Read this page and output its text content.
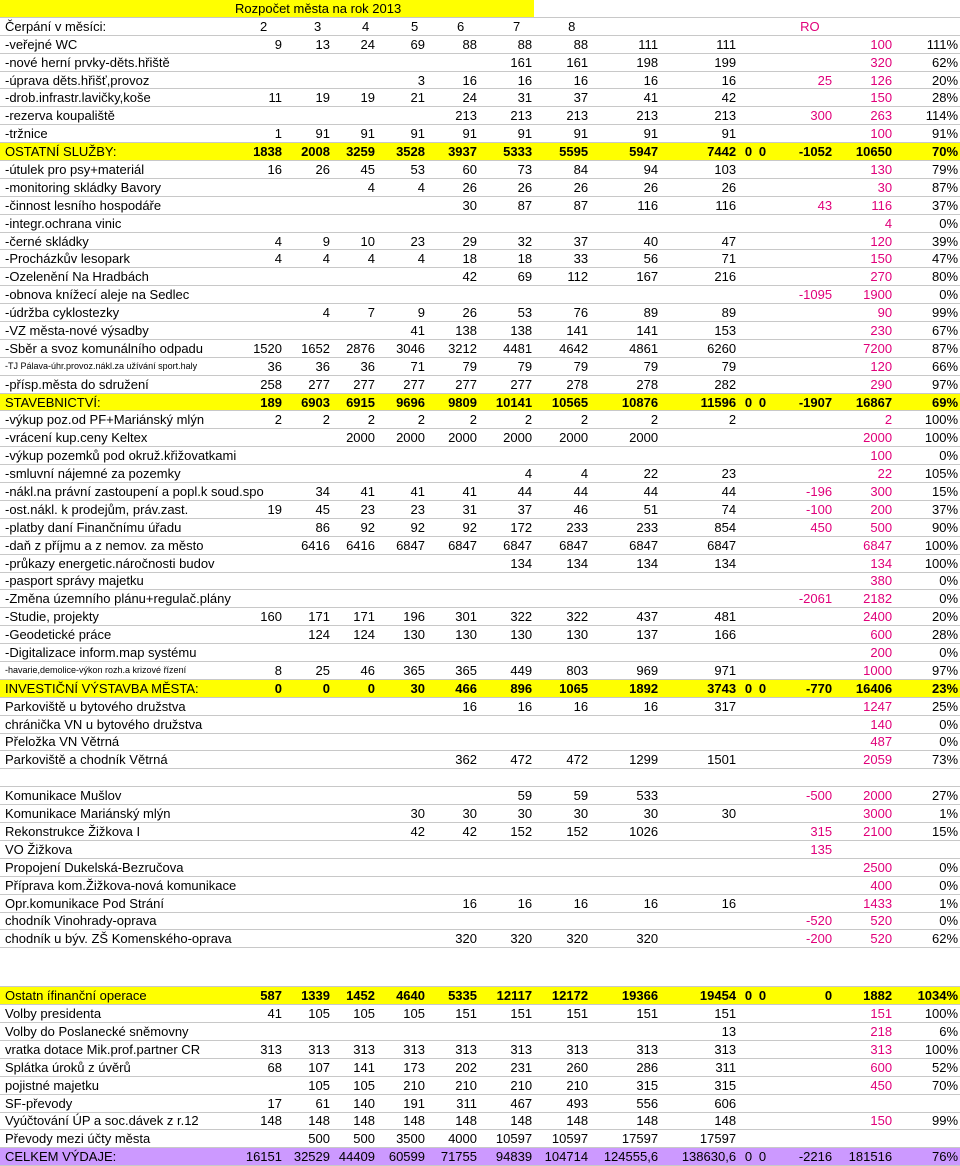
Rozpočet města na rok 2013														
Čerpání v měsíci:	2	3	4	5	6	7	8					RO		
-veřejné WC	9	13	24	69	88	88	88	111	111				100	111%
-nové herní prvky-děts.hřiště						161	161	198	199				320	62%
-úprava děts.hřišť,provoz				3	16	16	16	16	16			25	126	20%
-drob.infrastr.lavičky,koše	11	19	19	21	24	31	37	41	42				150	28%
-rezerva koupaliště					213	213	213	213	213			300	263	114%
-tržnice	1	91	91	91	91	91	91	91	91				100	91%
OSTATNÍ SLUŽBY:	1838	2008	3259	3528	3937	5333	5595	5947	7442	0	0	-1052	10650	70%
-útulek pro psy+materiál	16	26	45	53	60	73	84	94	103				130	79%
-monitoring skládky Bavory			4	4	26	26	26	26	26				30	87%
-činnost lesního hospodáře					30	87	87	116	116			43	116	37%
-integr.ochrana vinic													4	0%
-černé skládky	4	9	10	23	29	32	37	40	47				120	39%
-Procházkův lesopark	4	4	4	4	18	18	33	56	71				150	47%
-Ozelenění Na Hradbách					42	69	112	167	216				270	80%
-obnova knížecí aleje na Sedlec												-1095	1900	0%
-údržba cyklostezky		4	7	9	26	53	76	89	89				90	99%
-VZ města-nové výsadby				41	138	138	141	141	153				230	67%
-Sběr a svoz komunálního odpadu	1520	1652	2876	3046	3212	4481	4642	4861	6260				7200	87%
-TJ Pálava-úhr.provoz.nákl.za užívání sport.haly	36	36	36	71	79	79	79	79	79				120	66%
-přísp.města do sdružení	258	277	277	277	277	277	278	278	282				290	97%
STAVEBNICTVÍ:	189	6903	6915	9696	9809	10141	10565	10876	11596	0	0	-1907	16867	69%
-výkup poz.od PF+Mariánský mlýn	2	2	2	2	2	2	2	2	2				2	100%
-vrácení kup.ceny Keltex			2000	2000	2000	2000	2000	2000					2000	100%
-výkup pozemků pod okruž.křižovatkami													100	0%
-smluvní nájemné za pozemky						4	4	22	23				22	105%
-nákl.na právní zastoupení a popl.k soud.spo		34	41	41	41	44	44	44	44			-196	300	15%
-ost.nákl. k prodejům, práv.zast.	19	45	23	23	31	37	46	51	74			-100	200	37%
-platby daní Finančnímu úřadu		86	92	92	92	172	233	233	854			450	500	90%
-daň z příjmu a z nemov. za město		6416	6416	6847	6847	6847	6847	6847	6847				6847	100%
-průkazy energetic.náročnosti budov						134	134	134	134				134	100%
-pasport správy majetku													380	0%
-Změna územního plánu+regulač.plány												-2061	2182	0%
-Studie, projekty	160	171	171	196	301	322	322	437	481				2400	20%
-Geodetické práce		124	124	130	130	130	130	137	166				600	28%
-Digitalizace inform.map systému													200	0%
-havarie,demolice-výkon rozh.a krizové řízení	8	25	46	365	365	449	803	969	971				1000	97%
INVESTIČNÍ VÝSTAVBA MĚSTA:	0	0	0	30	466	896	1065	1892	3743	0	0	-770	16406	23%
Parkoviště u bytového družstva					16	16	16	16	317				1247	25%
chránička VN u bytového družstva													140	0%
Přeložka VN Větrná													487	0%
Parkoviště a chodník Větrná					362	472	472	1299	1501				2059	73%

Komunikace Mušlov						59	59	533				-500	2000	27%
Komunikace Mariánský mlýn				30	30	30	30	30	30				3000	1%
Rekonstrukce Žižkova I				42	42	152	152	1026				315	2100	15%
VO Žižkova												135		
Propojení Dukelská-Bezručova													2500	0%
Příprava kom.Žižkova-nová komunikace													400	0%
Opr.komunikace Pod Strání					16	16	16	16	16				1433	1%
chodník Vinohrady-oprava												-520	520	0%
chodník u býv. ZŠ Komenského-oprava					320	320	320	320				-200	520	62%

Ostatn ífinanční operace	587	1339	1452	4640	5335	12117	12172	19366	19454	0	0	0	1882	1034%
Volby presidenta	41	105	105	105	151	151	151	151	151				151	100%
Volby do Poslanecké sněmovny									13				218	6%
vratka dotace Mik.prof.partner CR	313	313	313	313	313	313	313	313	313				313	100%
Splátka úroků z úvěrů	68	107	141	173	202	231	260	286	311				600	52%
pojistné majetku		105	105	210	210	210	210	315	315				450	70%
SF-převody	17	61	140	191	311	467	493	556	606					
Vyúčtování ÚP a soc.dávek z r.12	148	148	148	148	148	148	148	148	148				150	99%
Převody mezi účty města		500	500	3500	4000	10597	10597	17597	17597					
CELKEM VÝDAJE:	16151	32529	44409	60599	71755	94839	104714	124555,6	138630,6	0	0	-2216	181516	76%
